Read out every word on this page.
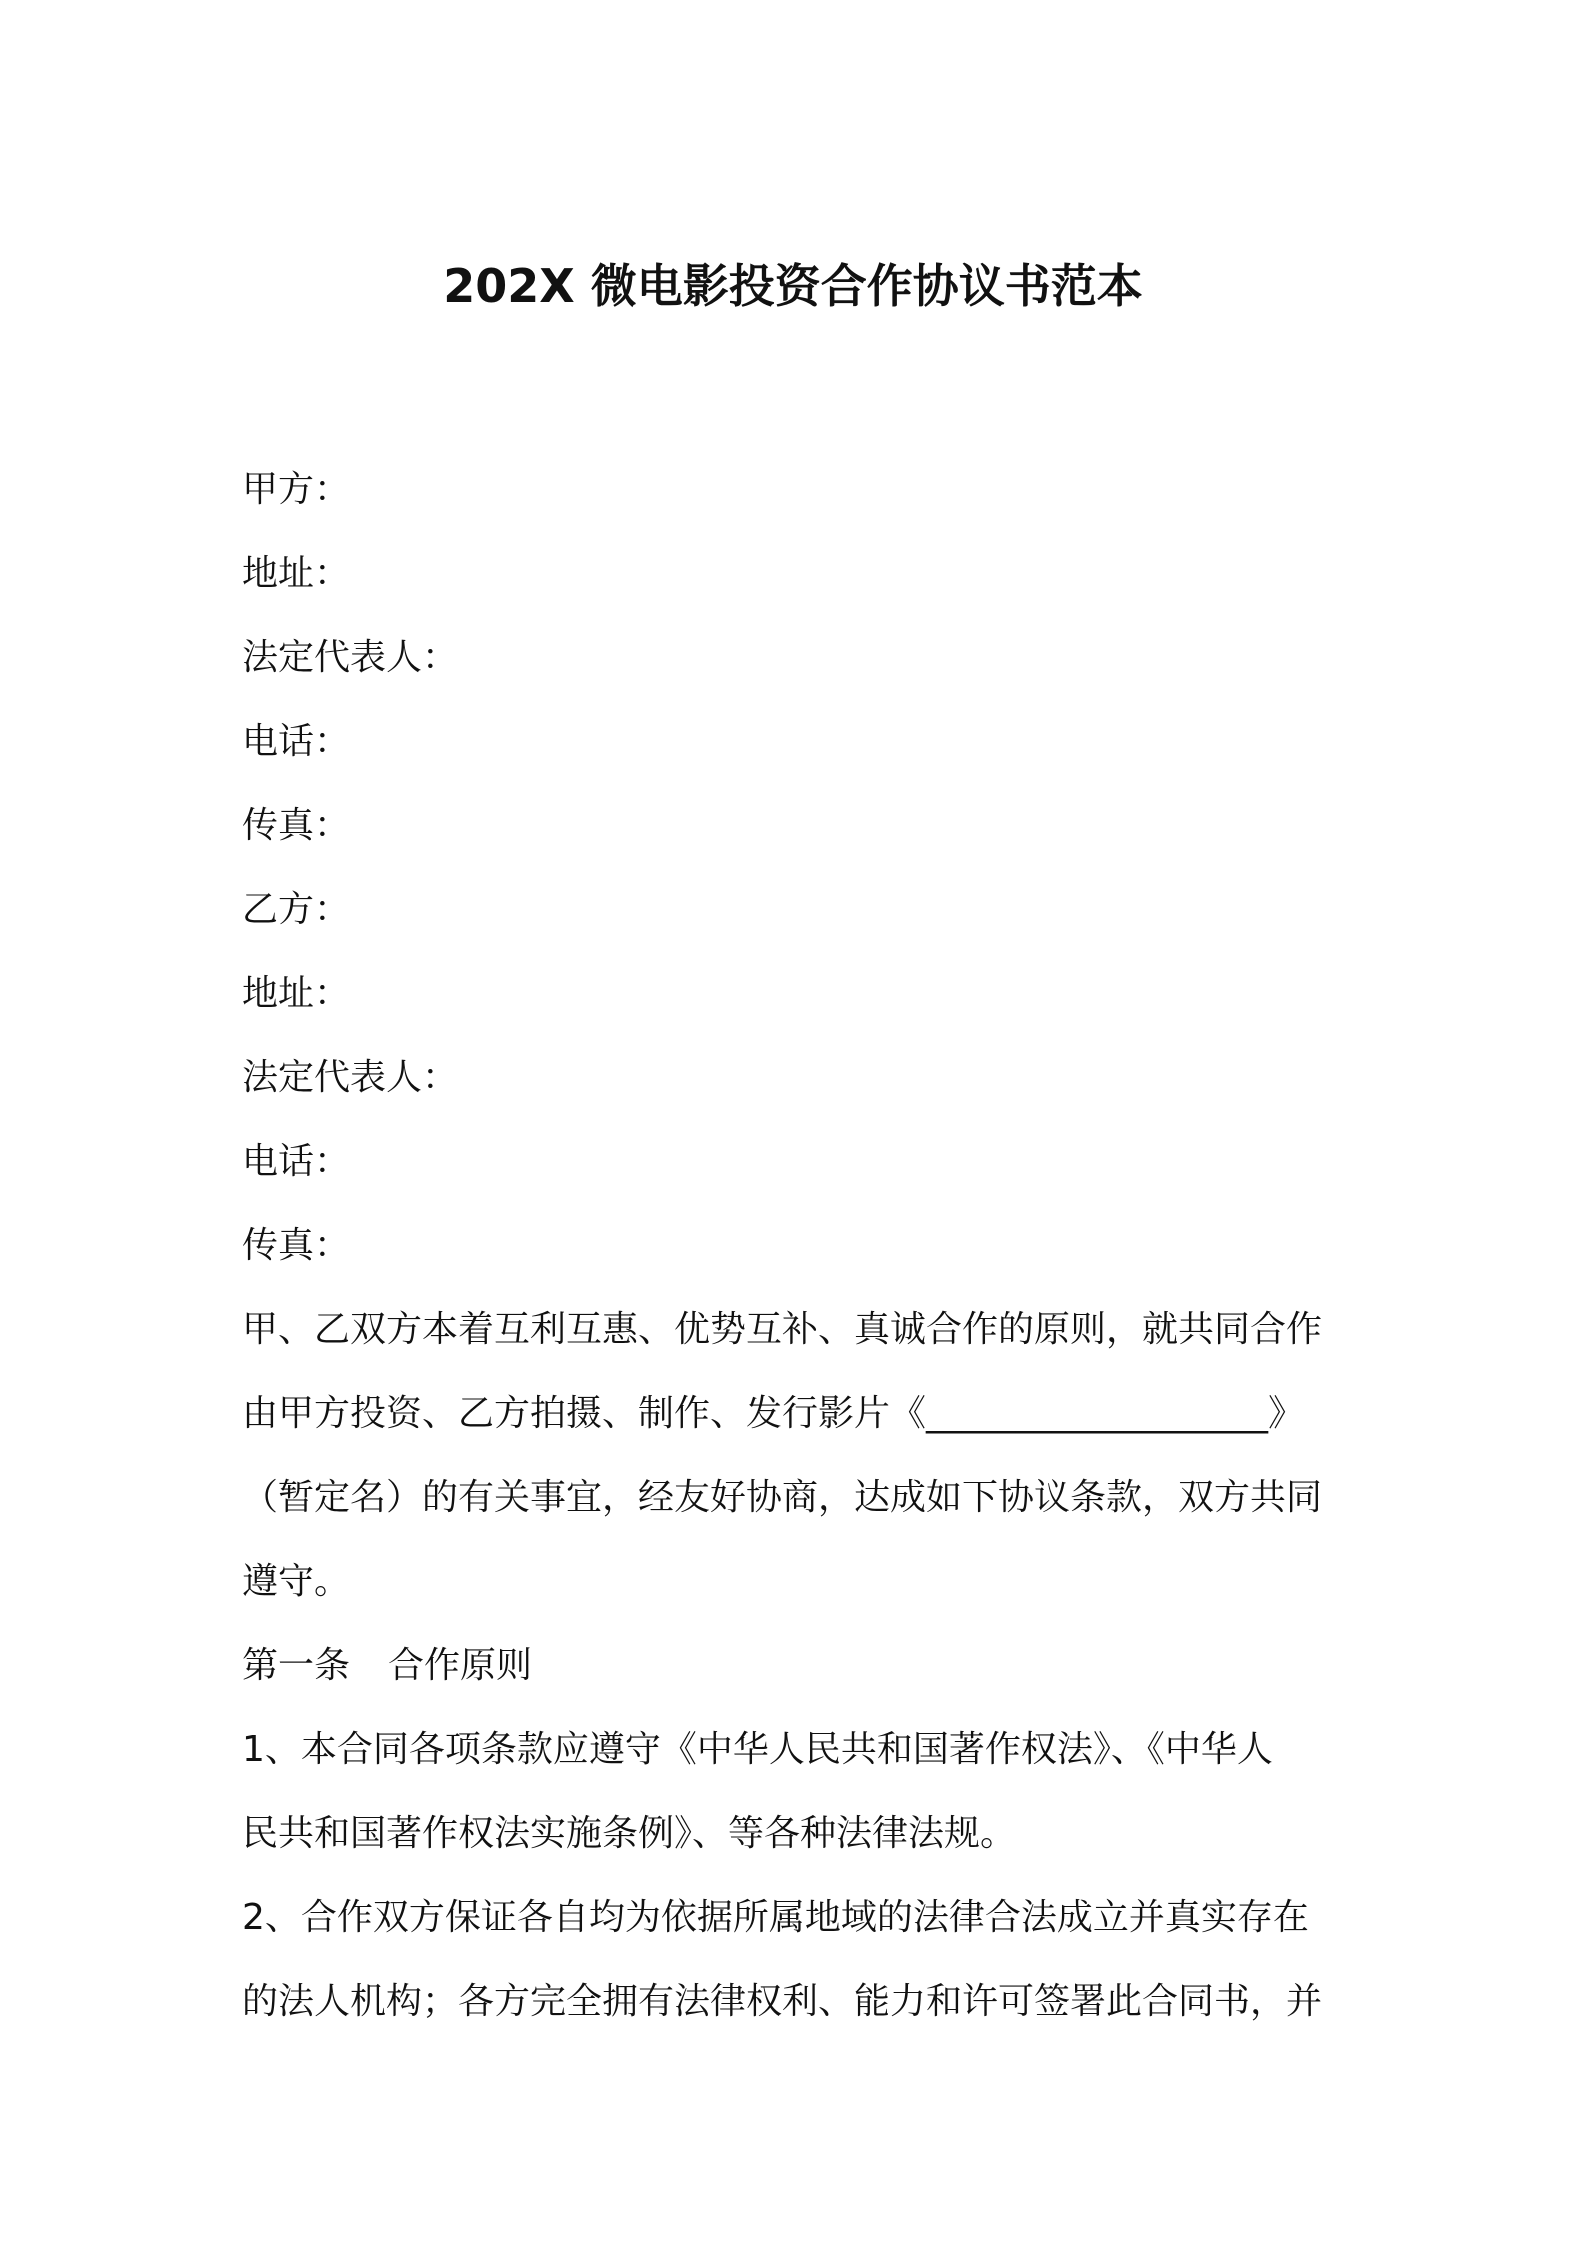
202X 微电影投资合作协议书范本
甲方：
地址：
法定代表人：
电话：
传真：
乙方：
地址：
法定代表人：
电话：
传真：
甲、乙双方本着互利互惠、优势互补、真诚合作的原则，就共同合作
由甲方投资、乙方拍摄、制作、发行影片《___________________》
（暂定名）的有关事宜，经友好协商，达成如下协议条款，双方共同
遵守。
第一条 合作原则
1、本合同各项条款应遵守《中华人民共和国著作权法》、《中华人
民共和国著作权法实施条例》、等各种法律法规。
2、合作双方保证各自均为依据所属地域的法律合法成立并真实存在
的法人机构；各方完全拥有法律权利、能力和许可签署此合同书，并
